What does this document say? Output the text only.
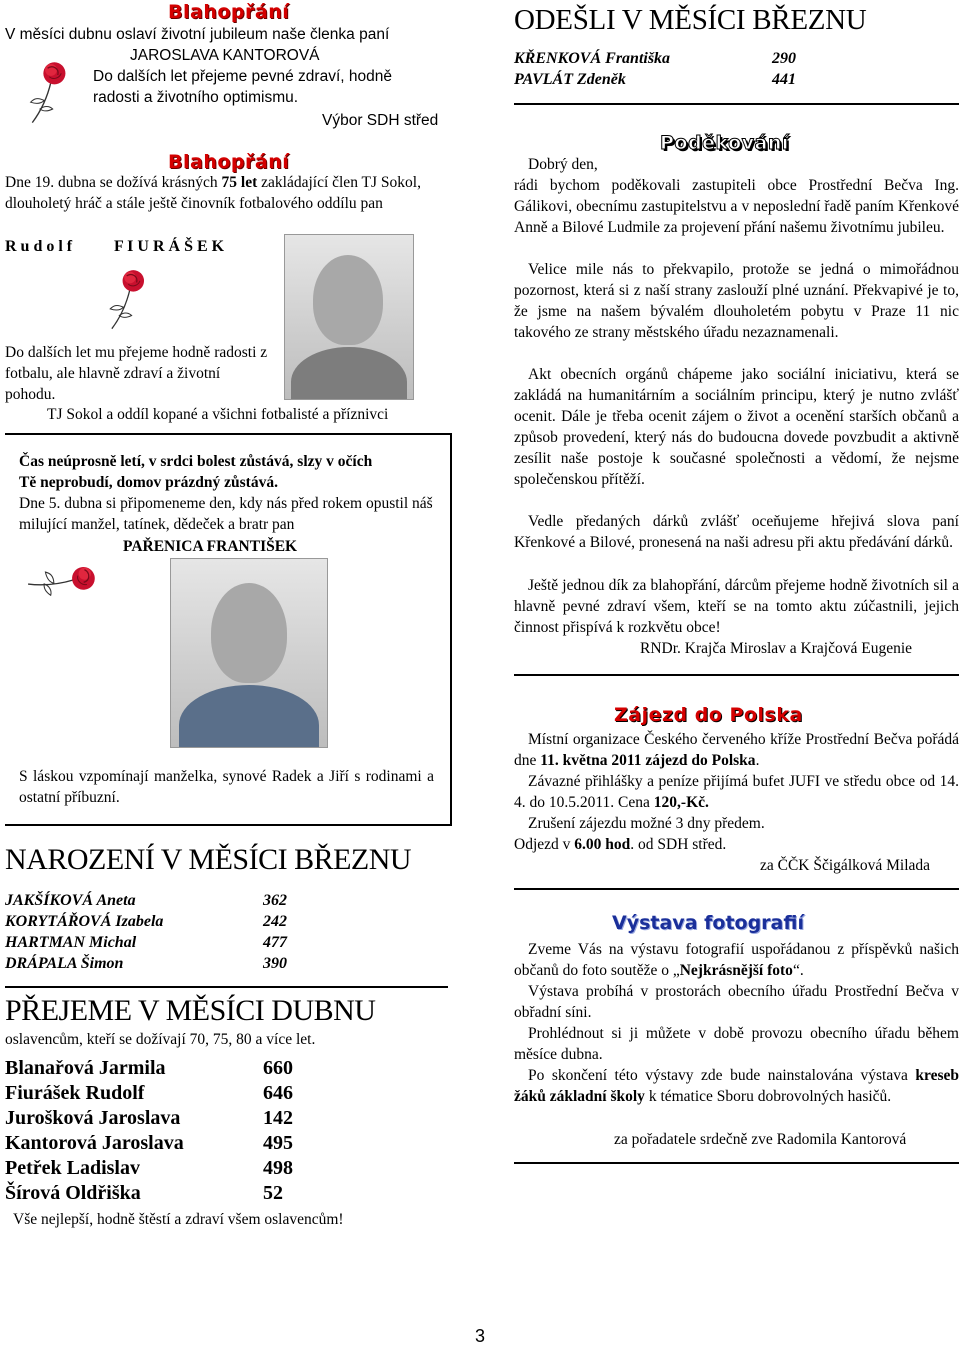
Blahopřání
V měsíci dubnu oslaví životní jubileum naše členka paní
JAROSLAVA KANTOROVÁ
Do dalších let přejeme pevné zdraví, hodně
radosti a životního optimismu.
Výbor SDH střed
Blahopřání
Dne 19. dubna se dožívá krásných 75 let zakládající člen TJ Sokol, dlouholetý hráč a stále ještě činovník fotbalového oddílu pan
R u d o l f	F I U R Á Š E K
Do dalších let mu přejeme hodně radosti z fotbalu, ale hlavně zdraví a životní pohodu.
TJ Sokol a oddíl kopané a všichni fotbalisté a příznivci
Čas neúprosně letí, v srdci bolest zůstává, slzy v očích Tě neprobudí, domov prázdný zůstává.
Dne 5. dubna si připomeneme den, kdy nás před rokem opustil náš milující manžel, tatínek, dědeček a bratr pan
PAŘENICA FRANTIŠEK
S láskou vzpomínají manželka, synové Radek a Jiří s rodinami a ostatní příbuzní.
NAROZENÍ V MĚSÍCI BŘEZNU
JAKŠÍKOVÁ Aneta	362
KORYTÁŘOVÁ Izabela	242
HARTMAN Michal	477
DRÁPALA Šimon	390
PŘEJEME V MĚSÍCI DUBNU
oslavencům, kteří se dožívají 70, 75, 80 a více let.
Blanařová Jarmila	660
Fiurášek Rudolf	646
Jurošková Jaroslava	142
Kantorová Jaroslava	495
Petřek Ladislav	498
Šírová Oldřiška	52
Vše nejlepší, hodně štěstí a zdraví všem oslavencům!
ODEŠLI V MĚSÍCI BŘEZNU
KŘENKOVÁ Františka	290
PAVLÁT Zdeněk	441
Poděkování
Dobrý den,
rádi bychom poděkovali zastupiteli obce Prostřední Bečva Ing. Gálikovi, obecnímu zastupitelstvu a v neposlední řadě paním Křenkové Anně a Bilové Ludmile za projevení přání našemu životnímu jubileu.
Velice mile nás to překvapilo, protože se jedná o mimořádnou pozornost, která si z naší strany zaslouží plné uznání. Překvapivé je to, že jsme na našem bývalém dlouholetém pobytu v Praze 11 nic takového ze strany městského úřadu nezaznamenali.
Akt obecních orgánů chápeme jako sociální iniciativu, která se zakládá na humanitárním a sociálním principu, který je nutno zvlášť ocenit. Dále je třeba ocenit zájem o život a ocenění starších občanů a způsob provedení, který nás do budoucna dovede povzbudit a aktivně zesílit naše postoje k současné společnosti a vědomí, že nejsme společenskou přítěží.
Vedle předaných dárků zvlášť oceňujeme hřejivá slova paní Křenkové a Bilové, pronesená na naši adresu při aktu předávání dárků.
Ještě jednou dík za blahopřání, dárcům přejeme hodně životních sil a hlavně pevné zdraví všem, kteří se na tomto aktu zúčastnili, jejich činnost přispívá k rozkvětu obce!
RNDr. Krajča Miroslav a Krajčová Eugenie
Zájezd do Polska
Místní organizace Českého červeného kříže Prostřední Bečva pořádá dne 11. května 2011 zájezd do Polska.
Závazné přihlášky a peníze přijímá bufet JUFI ve středu obce od 14. 4. do 10.5.2011. Cena 120,-Kč.
Zrušení zájezdu možné 3 dny předem.
Odjezd v 6.00 hod. od SDH střed.
za ČČK Ščigálková Milada
Výstava fotografií
Zveme Vás na výstavu fotografií uspořádanou z příspěvků našich občanů do foto soutěže o „Nejkrásnější foto“.
Výstava probíhá v prostorách obecního úřadu Prostřední Bečva v obřadní síni.
Prohlédnout si ji můžete v době provozu obecního úřadu během měsíce dubna.
Po skončení této výstavy zde bude nainstalována výstava kreseb žáků základní školy k tématice Sboru dobrovolných hasičů.
za pořadatele srdečně zve Radomila Kantorová
3
